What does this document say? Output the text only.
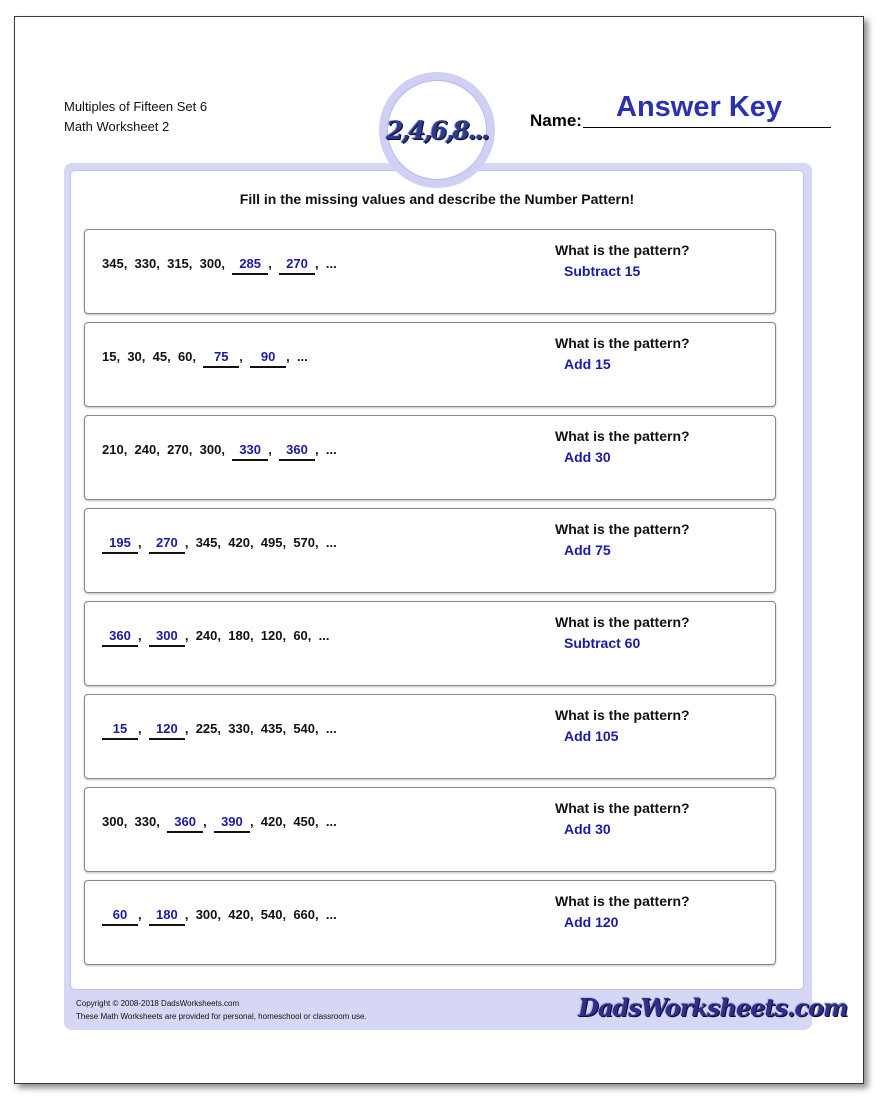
Multiples of Fifteen Set 6
Math Worksheet 2	2,4,6,8... Name: Answer Key
Fill in the missing values and describe the Number Pattern!
345 , 330 , 315 , 300 , 285 , 270 , ...
What is the pattern?
Subtract 15
15 , 30 , 45 , 60 , 75 , 90 , ...
What is the pattern?
Add 15
210 , 240 , 270 , 300 , 330 , 360 , ...
What is the pattern?
Add 30
195 , 270 , 345 , 420 , 495 , 570 , ...
What is the pattern?
Add 75
360 , 300 , 240 , 180 , 120 , 60 , ...
What is the pattern?
Subtract 60
15 , 120 , 225 , 330 , 435 , 540 , ...
What is the pattern?
Add 105
300 , 330 , 360 , 390 , 420 , 450 , ...
What is the pattern?
Add 30
60 , 180 , 300 , 420 , 540 , 660 , ...
What is the pattern?
Add 120
Copyright © 2008-2018 DadsWorksheets.com
These Math Worksheets are provided for personal, homeschool or classroom use.	DadsWorksheets.com
